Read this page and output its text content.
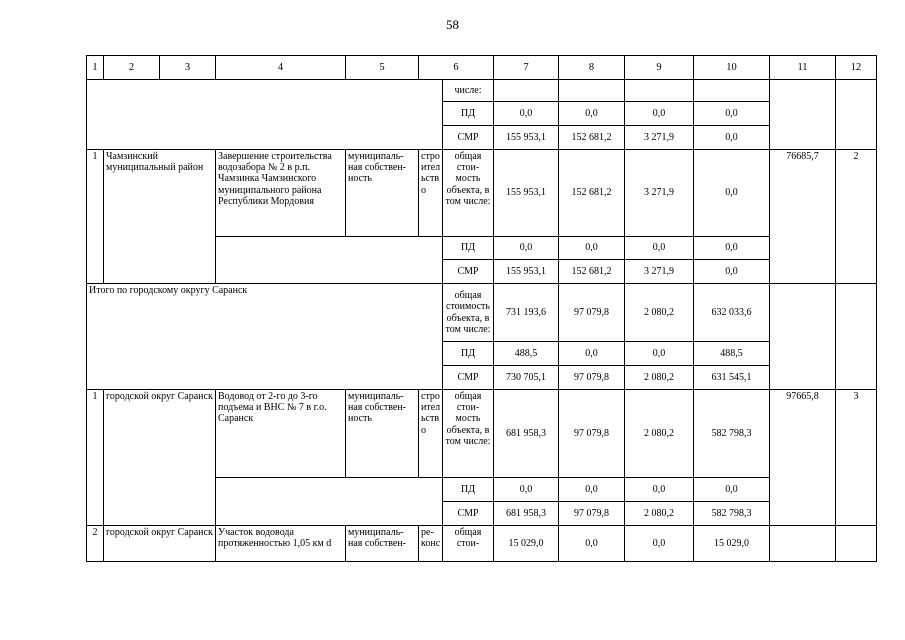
58
1	2	3	4	5	6		7	8	9	10	11	12
						числе:						
						ПД	0,0	0,0	0,0	0,0		
						СМР	155 953,1	152 681,2	3 271,9	0,0		
1	Чамзинский муниципальный район		Завершение строительства водозабора № 2 в р.п. Чамзинка Чамзинского муниципального района Республики Мордовия	муниципаль-ная собствен-ность	стро ител ьств о	общая стои-мость объекта, в том числе:	155 953,1	152 681,2	3 271,9	0,0	76685,7	2
						ПД	0,0	0,0	0,0	0,0		
						СМР	155 953,1	152 681,2	3 271,9	0,0		
Итого по городскому округу Саранск						общая стоимость объекта, в том числе:	731 193,6	97 079,8	2 080,2	632 033,6		
						ПД	488,5	0,0	0,0	488,5		
						СМР	730 705,1	97 079,8	2 080,2	631 545,1		
1	городской округ Саранск		Водовод от 2-го до 3-го подъема и ВНС № 7 в г.о. Саранск	муниципаль-ная собствен-ность	стро ител ьств о	общая стои-мость объекта, в том числе:	681 958,3	97 079,8	2 080,2	582 798,3	97665,8	3
						ПД	0,0	0,0	0,0	0,0		
						СМР	681 958,3	97 079,8	2 080,2	582 798,3		
2	городской округ Саранск		Участок водовода протяженностью 1,05 км d	муниципаль-ная собствен-	ре-конс	общая стои-	15 029,0	0,0	0,0	15 029,0		
